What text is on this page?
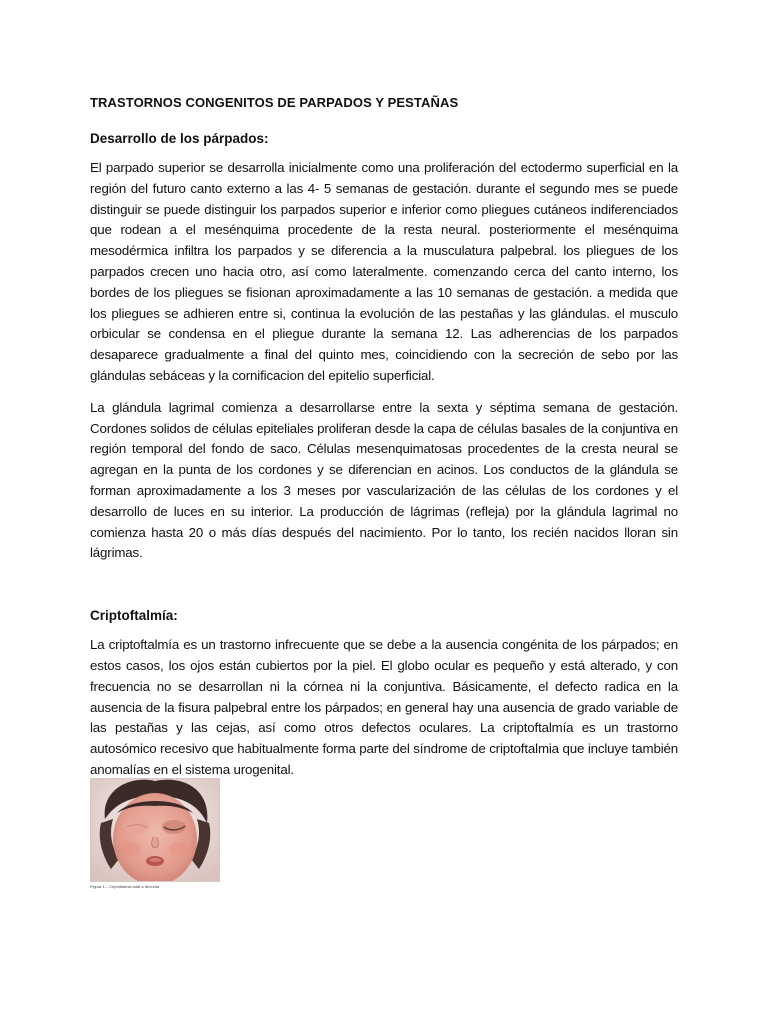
TRASTORNOS CONGENITOS DE PARPADOS Y PESTAÑAS
Desarrollo de los párpados:

El parpado superior se desarrolla inicialmente como una proliferación del ectodermo superficial en la región del futuro canto externo a las 4- 5 semanas de gestación. durante el segundo mes se puede distinguir se puede distinguir los parpados superior e inferior como pliegues cutáneos indiferenciados que rodean a el mesénquima procedente de la resta neural. posteriormente el mesénquima mesodérmica infiltra los parpados y se diferencia a la musculatura palpebral. los pliegues de los parpados crecen uno hacia otro, así como lateralmente. comenzando cerca del canto interno, los bordes de los pliegues se fisionan aproximadamente a las 10 semanas de gestación. a medida que los pliegues se adhieren entre si, continua la evolución de las pestañas y las glándulas. el musculo orbicular se condensa en el pliegue durante la semana 12. Las adherencias de los parpados desaparece gradualmente a final del quinto mes, coincidiendo con la secreción de sebo por las glándulas sebáceas y la cornificacion del epitelio superficial.

La glándula lagrimal comienza a desarrollarse entre la sexta y séptima semana de gestación. Cordones solidos de células epiteliales proliferan desde la capa de células basales de la conjuntiva en región temporal del fondo de saco. Células mesenquimatosas procedentes de la cresta neural se agregan en la punta de los cordones y se diferencian en acinos. Los conductos de la glándula se forman aproximadamente a los 3 meses por vascularización de las células de los cordones y el desarrollo de luces en su interior. La producción de lágrimas (refleja) por la glándula lagrimal no comienza hasta 20 o más días después del nacimiento. Por lo tanto, los recién nacidos lloran sin lágrimas.

Criptoftalmía:

La criptoftalmía es un trastorno infrecuente que se debe a la ausencia congénita de los párpados; en estos casos, los ojos están cubiertos por la piel. El globo ocular es pequeño y está alterado, y con frecuencia no se desarrollan ni la córnea ni la conjuntiva. Básicamente, el defecto radica en la ausencia de la fisura palpebral entre los párpados; en general hay una ausencia de grado variable de las pestañas y las cejas, así como otros defectos oculares. La criptoftalmía es un trastorno autosómico recesivo que habitualmente forma parte del síndrome de criptoftalmia que incluye también anomalías en el sistema urogenital.

Figura 1 – Criptoftalmia total a derecha
